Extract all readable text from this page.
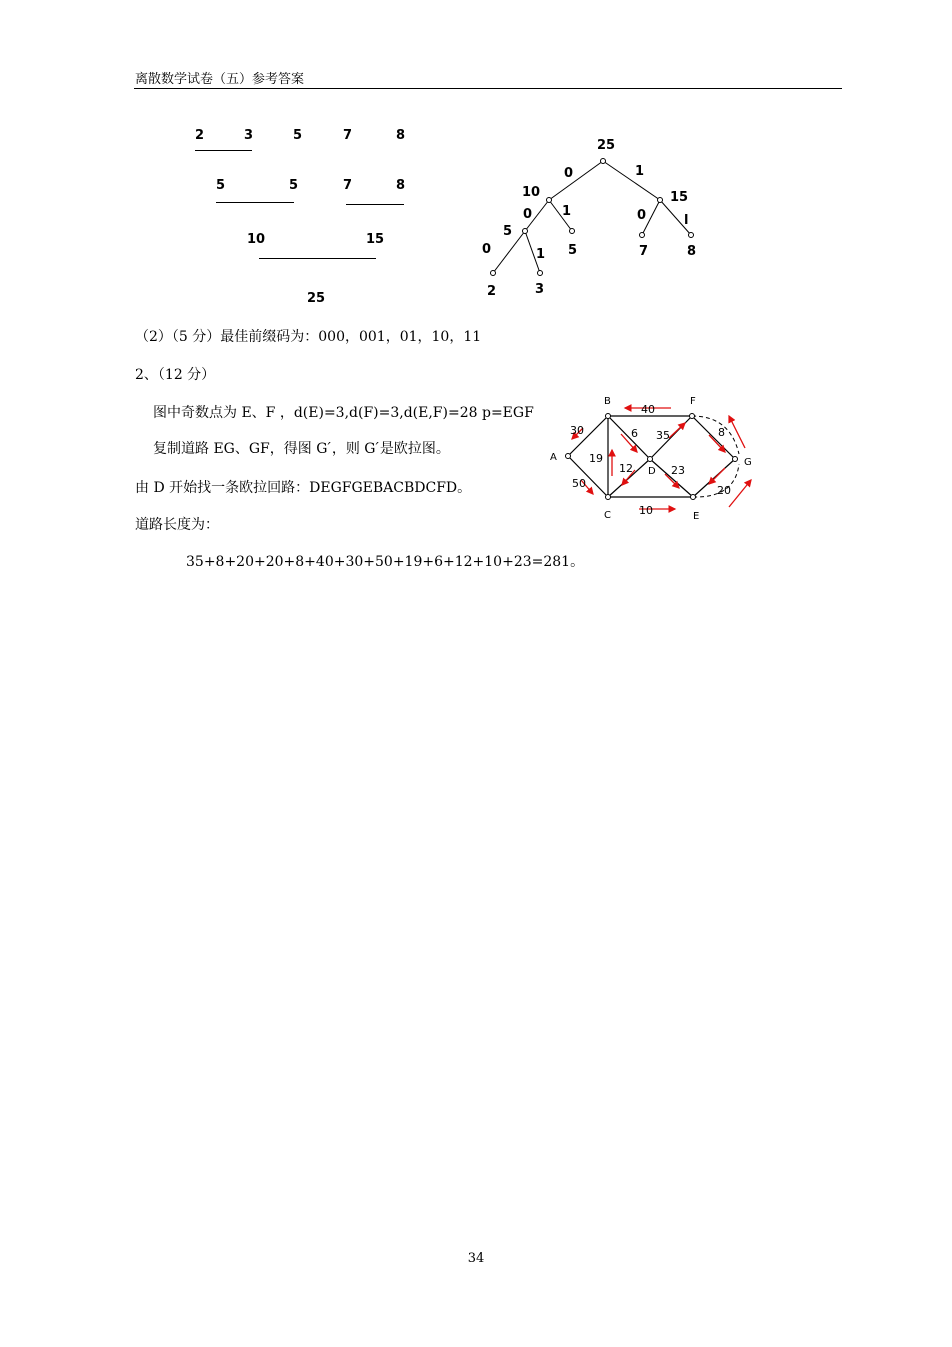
离散数学试卷（五）参考答案
2	3	5	7	8
5	5	7	8
10	15
25
25
10	15
5
5	7	8
2	3
0	1
0 1	0	l
0	1
（2）（5 分）最佳前缀码为：000，001，01，10，11
2、（12 分）
图中奇数点为 E、F ，d(E)=3,d(F)=3,d(E,F)=28 p=EGF
复制道路 EG、GF，得图 G ́，则 G ́是欧拉图。
由 D 开始找一条欧拉回路：DEGFGEBACBDCFD。
道路长度为：
35+8+20+20+8+40+30+50+19+6+12+10+23=281。
A
B
C
D
E
F
G
40
30	6 35	8
19
12	23
50
20
10
34
